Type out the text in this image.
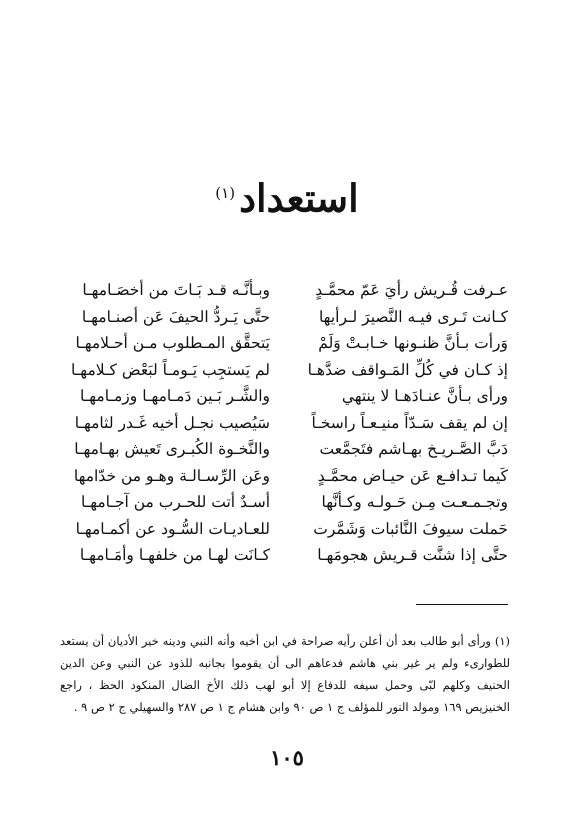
استعداد$^{(١)}$
عـرفت قُـريش رأيَ عَمّ محمَّـدٍ
كـانت تَـرى فيـه النَّصيرَ لـرأيها
وَرأت بـأنَّ ظنـونها خـابـتْ وَلَمْ
إذ كـان في كُلِّ المَـواقف ضدَّهـا
ورأى بـأنَّ عنـادَهـا لا ينتهي
إن لم يقف سَـدّاً منيـعـاً راسخـاً
دَبَّ الصَّـريـخ بهـاشم فتَجمَّعت
كَيما تـدافـع عَن حيـاض محمَّـدٍ
وتجـمـعـت مِـن حَـولـه وكـأنَّها
حَملت سيوفَ النَّائبات وَشَمَّرت
حتَّى إذا شنَّت قـريش هجومَهـا
وبـأنَّـه قـد بَـاتَ من أخصَـامهـا
حتَّى يَـردُّ الحيفَ عَن أصنـامهـا
يَتحقَّق المـطلوب مـن أحـلامهـا
لم يَستجِب يَـومـاً لبَعْض كـلامهـا
والشَّـر بَـين دَمـامهـا وزمـامهـا
سَيُصيب نجـل أخيه غَـدر لثامهـا
والنَّخـوة الكُبـرى تَعيش بهـامهـا
وعَن الرِّسـالـة وهـو من خدّامها
أسـدٌ أتت للحـرب من آجـامهـا
للعـاديـات السُّـود عن أكمـامهـا
كـانَت لهـا من خلفهـا وأمَـامهـا

(١) ورأى أبو طالب بعد أن أعلن رأيه صراحة في ابن أخيه وأنه النبي ودينه خير الأديان أن يستعد للطوارىء ولم ير غير بني هاشم فدعاهم الى أن يقوموا بجانبه للذود عن النبي وعن الدين الحنيف وكلهم لبّى وحمل سيفه للدفاع إلا أبو لهب ذلك الأخ الضال المنكود الحظ ، راجع الخنيزيص ١٦٩ ومولد النور للمؤلف ج ١ ص ٩٠ وابن هشام ج ١ ص ٢٨٧ والسهيلي ج ٢ ص ٩ .

١٠٥
